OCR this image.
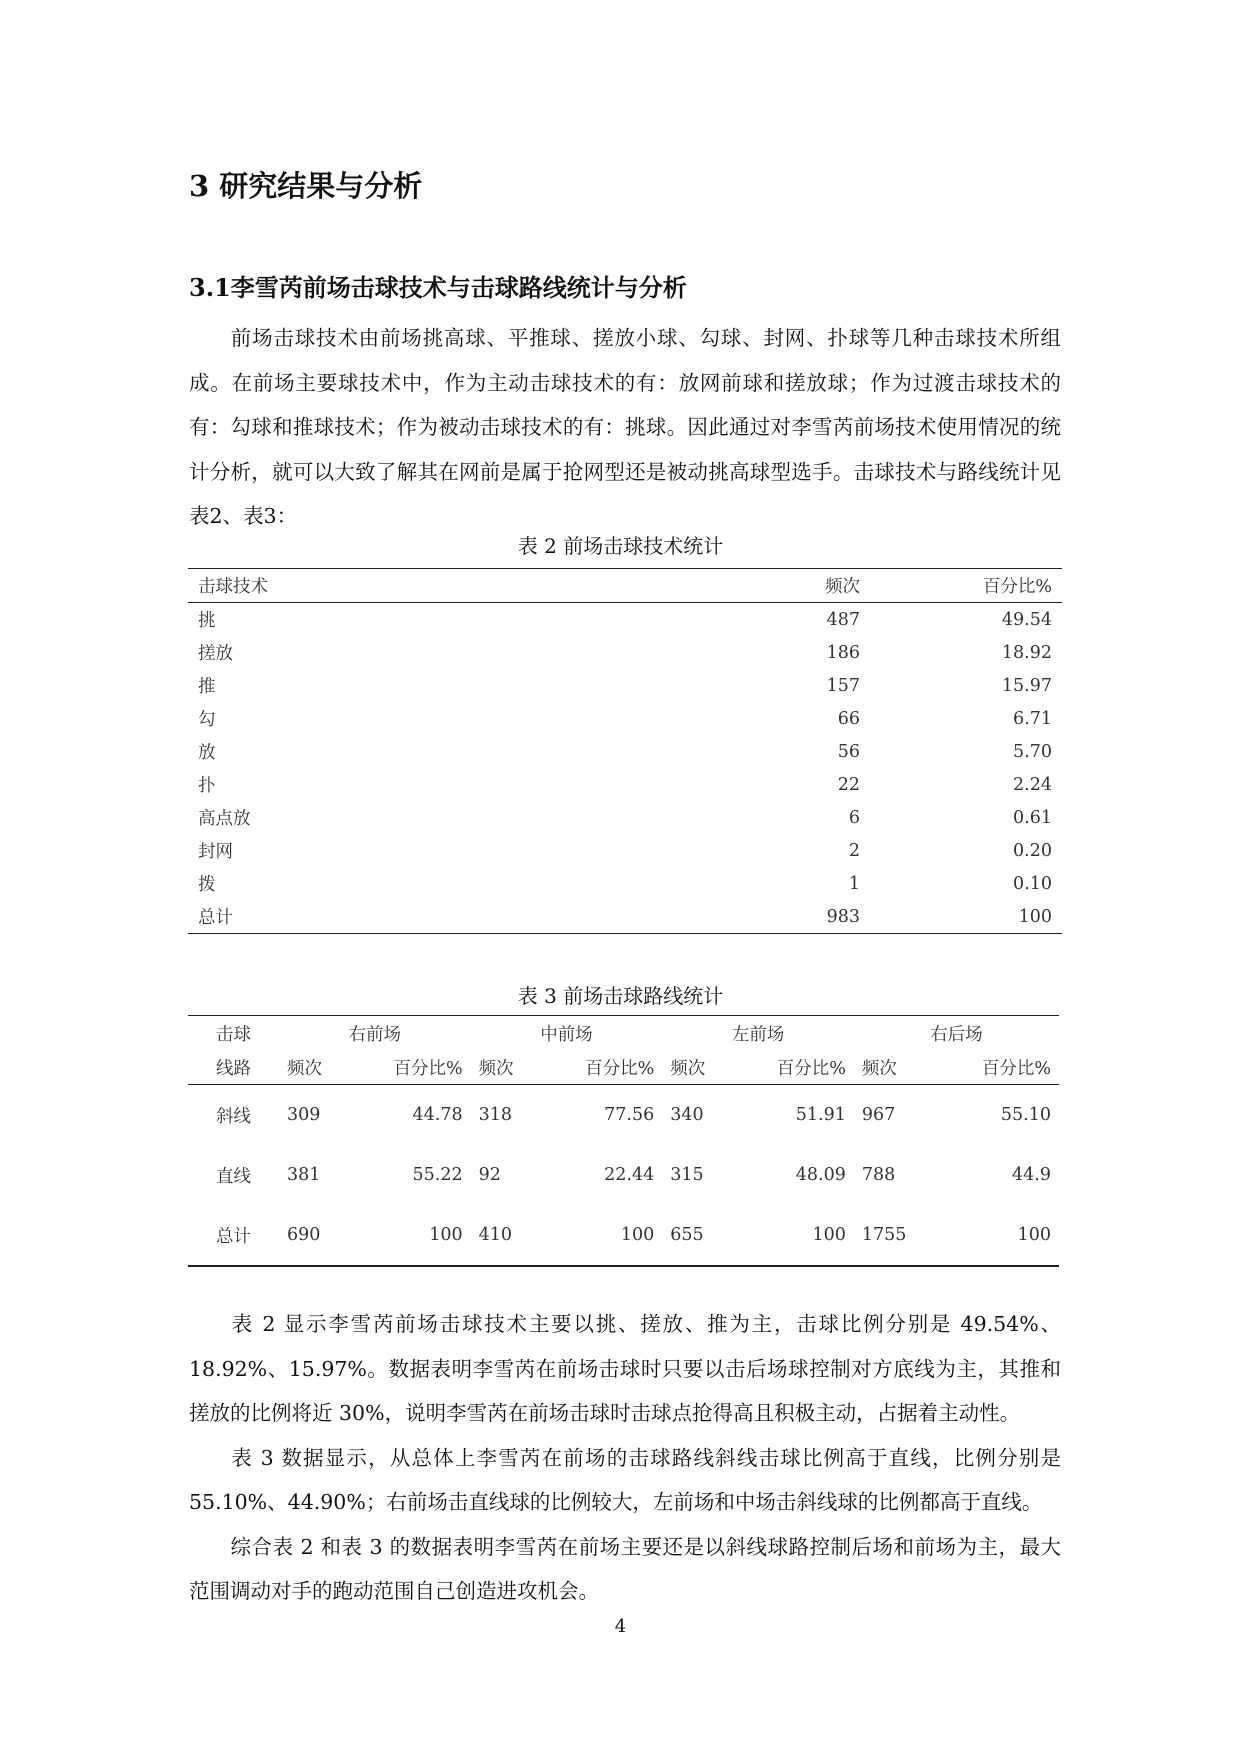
3 研究结果与分析
3.1李雪芮前场击球技术与击球路线统计与分析

前场击球技术由前场挑高球、平推球、搓放小球、勾球、封网、扑球等几种击球技术所组成。在前场主要球技术中，作为主动击球技术的有：放网前球和搓放球；作为过渡击球技术的有：勾球和推球技术；作为被动击球技术的有：挑球。因此通过对李雪芮前场技术使用情况的统计分析，就可以大致了解其在网前是属于抢网型还是被动挑高球型选手。击球技术与路线统计见表2、表3：

表 2 前场击球技术统计
击球技术	频次	百分比%
挑	487	49.54
搓放	186	18.92
推	157	15.97
勾	66	6.71
放	56	5.70
扑	22	2.24
高点放	6	0.61
封网	2	0.20
拨	1	0.10
总计	983	100
表 3 前场击球路线统计
击球	右前场		中前场		左前场		右后场	
线路	频次	百分比%	频次	百分比%	频次	百分比%	频次	百分比%
斜线	309	44.78	318	77.56	340	51.91	967	55.10
直线	381	55.22	92	22.44	315	48.09	788	44.9
总计	690	100	410	100	655	100	1755	100

表 2 显示李雪芮前场击球技术主要以挑、搓放、推为主，击球比例分别是 49.54%、18.92%、15.97%。数据表明李雪芮在前场击球时只要以击后场球控制对方底线为主，其推和搓放的比例将近 30%，说明李雪芮在前场击球时击球点抢得高且积极主动，占据着主动性。
表 3 数据显示，从总体上李雪芮在前场的击球路线斜线击球比例高于直线，比例分别是55.10%、44.90%；右前场击直线球的比例较大，左前场和中场击斜线球的比例都高于直线。
综合表 2 和表 3 的数据表明李雪芮在前场主要还是以斜线球路控制后场和前场为主，最大范围调动对手的跑动范围自己创造进攻机会。

4
